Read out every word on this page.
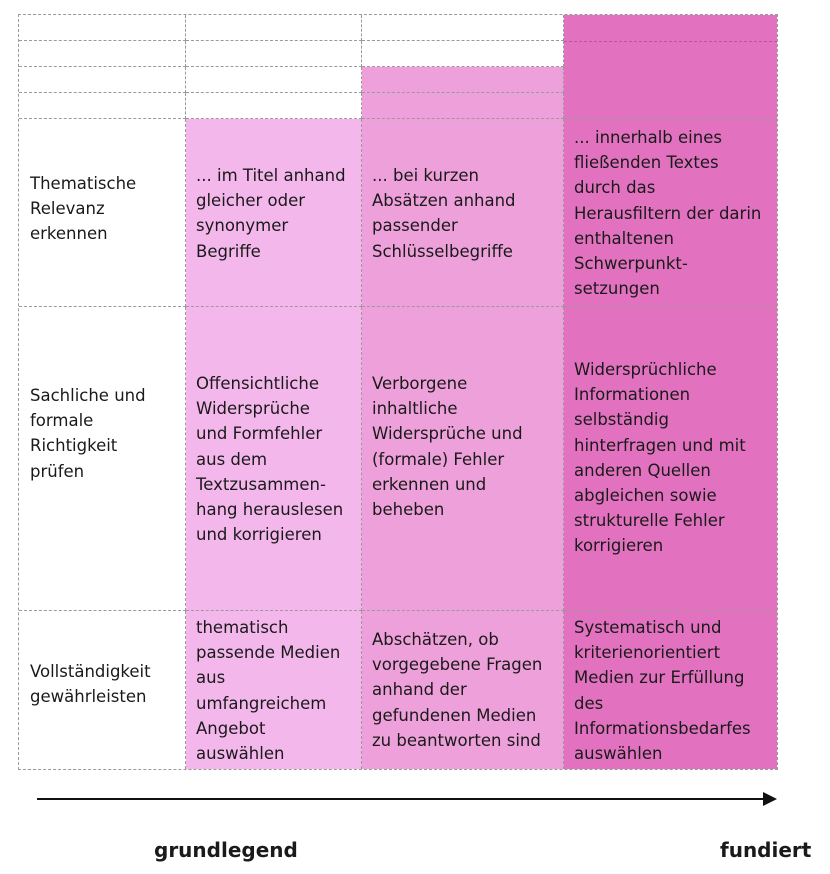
Thematische
Relevanz
erkennen
... im Titel anhand
gleicher oder
synonymer
Begriffe
... bei kurzen
Absätzen anhand
passender
Schlüsselbegriffe
... innerhalb eines
fließenden Textes
durch das
Herausfiltern der darin
enthaltenen
Schwerpunkt-
setzungen
Sachliche und
formale
Richtigkeit
prüfen
Offensichtliche
Widersprüche
und Formfehler
aus dem
Textzusammen-
hang herauslesen
und korrigieren
Verborgene
inhaltliche
Widersprüche und
(formale) Fehler
erkennen und
beheben
Widersprüchliche
Informationen
selbständig
hinterfragen und mit
anderen Quellen
abgleichen sowie
strukturelle Fehler
korrigieren
Vollständigkeit
gewährleisten
thematisch
passende Medien
aus
umfangreichem
Angebot
auswählen
Abschätzen, ob
vorgegebene Fragen
anhand der
gefundenen Medien
zu beantworten sind
Systematisch und
kriterienorientiert
Medien zur Erfüllung
des
Informationsbedarfes
auswählen
grundlegend	fundiert
